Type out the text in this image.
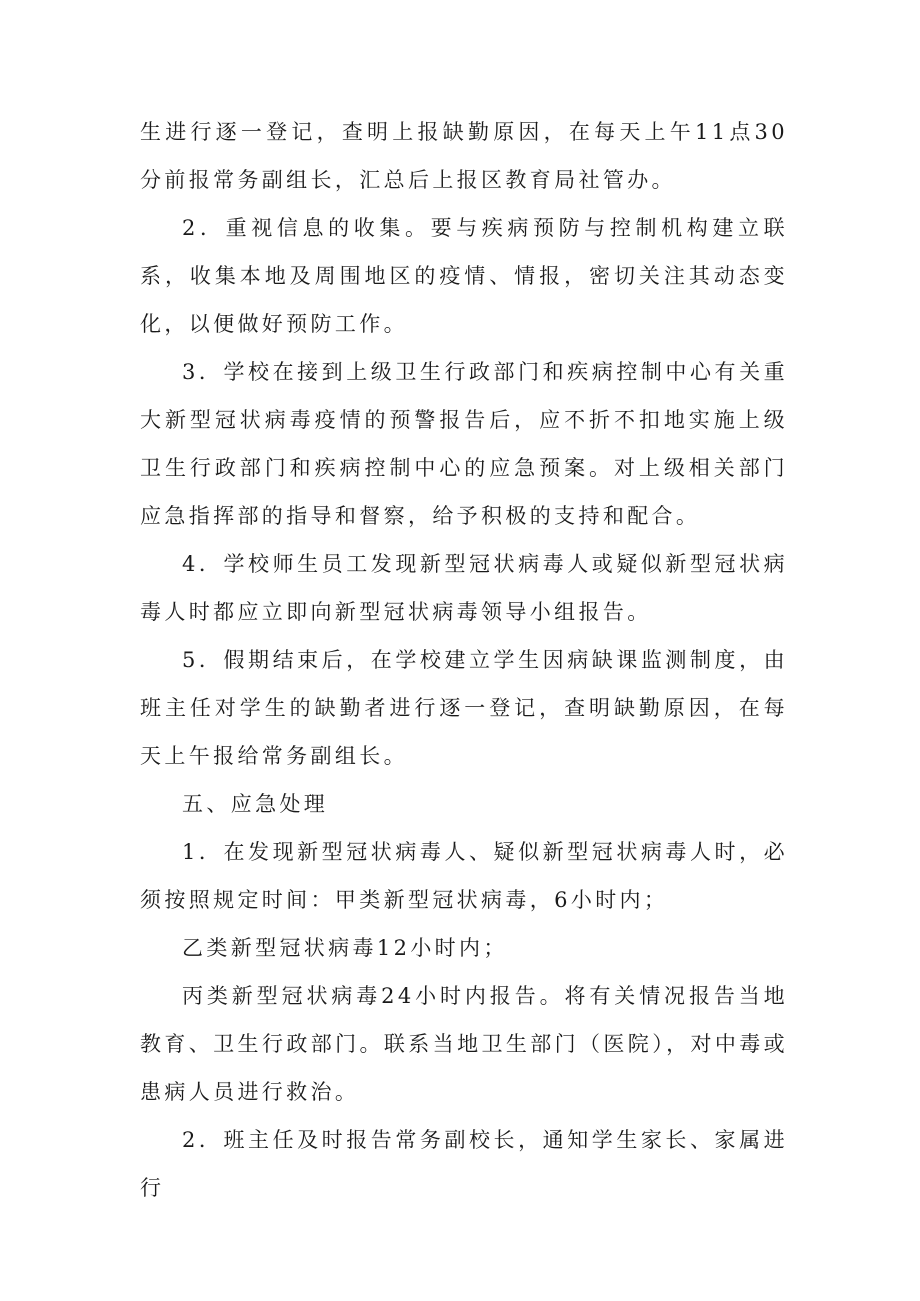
生进行逐一登记，查明上报缺勤原因，在每天上午11点30分前报常务副组长，汇总后上报区教育局社管办。

2．重视信息的收集。要与疾病预防与控制机构建立联系，收集本地及周围地区的疫情、情报，密切关注其动态变化，以便做好预防工作。

3．学校在接到上级卫生行政部门和疾病控制中心有关重大新型冠状病毒疫情的预警报告后，应不折不扣地实施上级卫生行政部门和疾病控制中心的应急预案。对上级相关部门应急指挥部的指导和督察，给予积极的支持和配合。

4．学校师生员工发现新型冠状病毒人或疑似新型冠状病毒人时都应立即向新型冠状病毒领导小组报告。

5．假期结束后，在学校建立学生因病缺课监测制度，由班主任对学生的缺勤者进行逐一登记，查明缺勤原因，在每天上午报给常务副组长。

五、应急处理

1．在发现新型冠状病毒人、疑似新型冠状病毒人时，必须按照规定时间：甲类新型冠状病毒，6小时内；

乙类新型冠状病毒12小时内；

丙类新型冠状病毒24小时内报告。将有关情况报告当地教育、卫生行政部门。联系当地卫生部门（医院），对中毒或患病人员进行救治。

2．班主任及时报告常务副校长，通知学生家长、家属进行
